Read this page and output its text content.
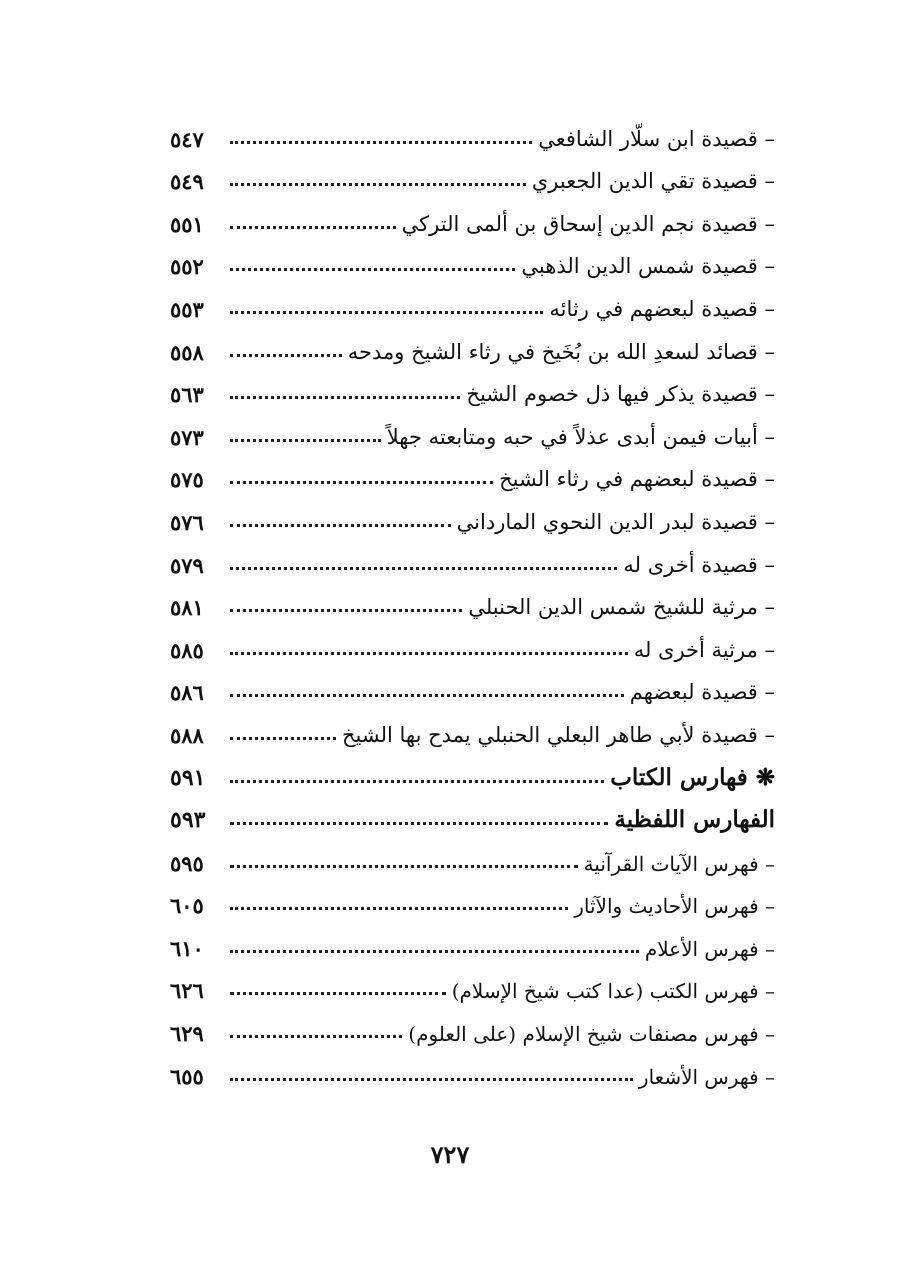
– قصيدة ابن سلّار الشافعي
٥٤٧
– قصيدة تقي الدين الجعبري
٥٤٩
– قصيدة نجم الدين إسحاق بن ألمى التركي
٥٥١
– قصيدة شمس الدين الذهبي
٥٥٢
– قصيدة لبعضهم في رثائه
٥٥٣
– قصائد لسعدِ الله بن بُخَيخ في رثاء الشيخ ومدحه
٥٥٨
– قصيدة يذكر فيها ذل خصوم الشيخ
٥٦٣
– أبيات فيمن أبدى عذلاً في حبه ومتابعته جهلاً
٥٧٣
– قصيدة لبعضهم في رثاء الشيخ
٥٧٥
– قصيدة لبدر الدين النحوي المارداني
٥٧٦
– قصيدة أخرى له
٥٧٩
– مرثية للشيخ شمس الدين الحنبلي
٥٨١
– مرثية أخرى له
٥٨٥
– قصيدة لبعضهم
٥٨٦
– قصيدة لأبي طاهر البعلي الحنبلي يمدح بها الشيخ
٥٨٨
❋ فهارس الكتاب
٥٩١
الفهارس اللفظية
٥٩٣
– فهرس الآيات القرآنية
٥٩٥
– فهرس الأحاديث والآثار
٦٠٥
– فهرس الأعلام
٦١٠
– فهرس الكتب (عدا كتب شيخ الإسلام)
٦٢٦
– فهرس مصنفات شيخ الإسلام (على العلوم)
٦٢٩
– فهرس الأشعار
٦٥٥
٧٢٧
